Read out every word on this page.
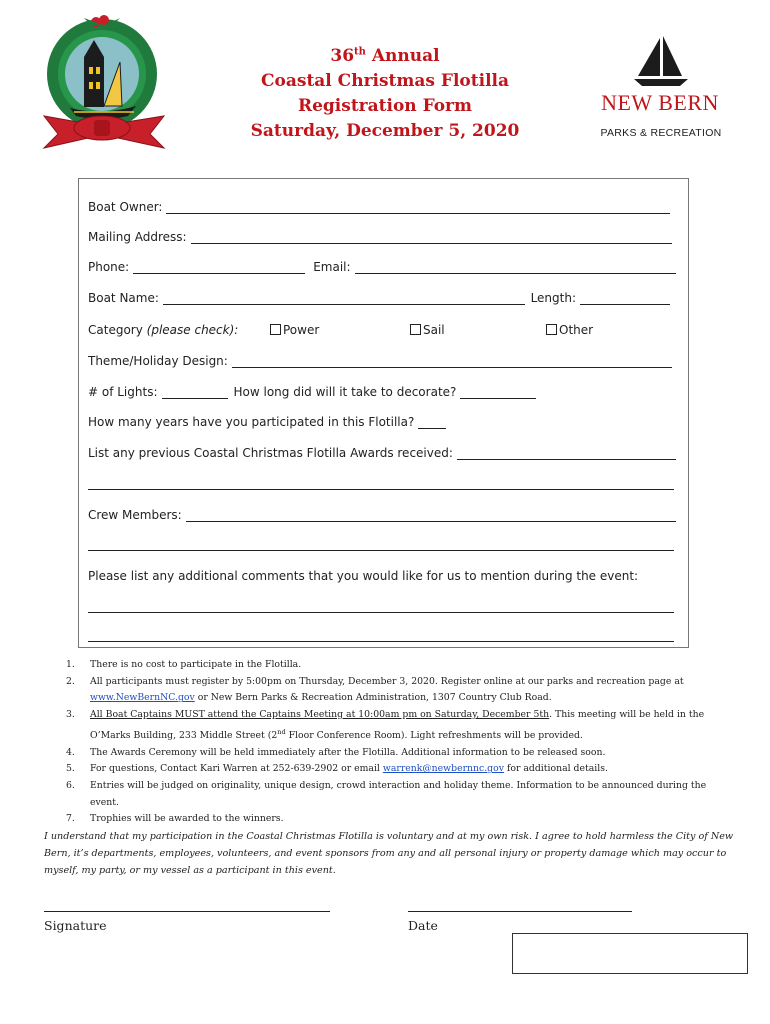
36th Annual
Coastal Christmas Flotilla
Registration Form
Saturday, December 5, 2020
NEW BERN
PARKS & RECREATION
Boat Owner:
Mailing Address:
Phone:	Email:
Boat Name:	Length:
Category (please check):	Power	Sail	Other
Theme/Holiday Design:
# of Lights:	How long did will it take to decorate?
How many years have you participated in this Flotilla?
List any previous Coastal Christmas Flotilla Awards received:
Crew Members:
Please list any additional comments that you would like for us to mention during the event:
1. There is no cost to participate in the Flotilla.
2. All participants must register by 5:00pm on Thursday, December 3, 2020. Register online at our parks and recreation page at www.NewBernNC.gov or New Bern Parks & Recreation Administration, 1307 Country Club Road.
3. All Boat Captains MUST attend the Captains Meeting at 10:00am pm on Saturday, December 5th. This meeting will be held in the O’Marks Building, 233 Middle Street (2nd Floor Conference Room). Light refreshments will be provided.
4. The Awards Ceremony will be held immediately after the Flotilla. Additional information to be released soon.
5. For questions, Contact Kari Warren at 252-639-2902 or email warrenk@newbernnc.gov for additional details.
6. Entries will be judged on originality, unique design, crowd interaction and holiday theme. Information to be announced during the event.
7. Trophies will be awarded to the winners.

I understand that my participation in the Coastal Christmas Flotilla is voluntary and at my own risk. I agree to hold harmless the City of New Bern, it’s departments, employees, volunteers, and event sponsors from any and all personal injury or property damage which may occur to myself, my party, or my vessel as a participant in this event.

Signature	Date
